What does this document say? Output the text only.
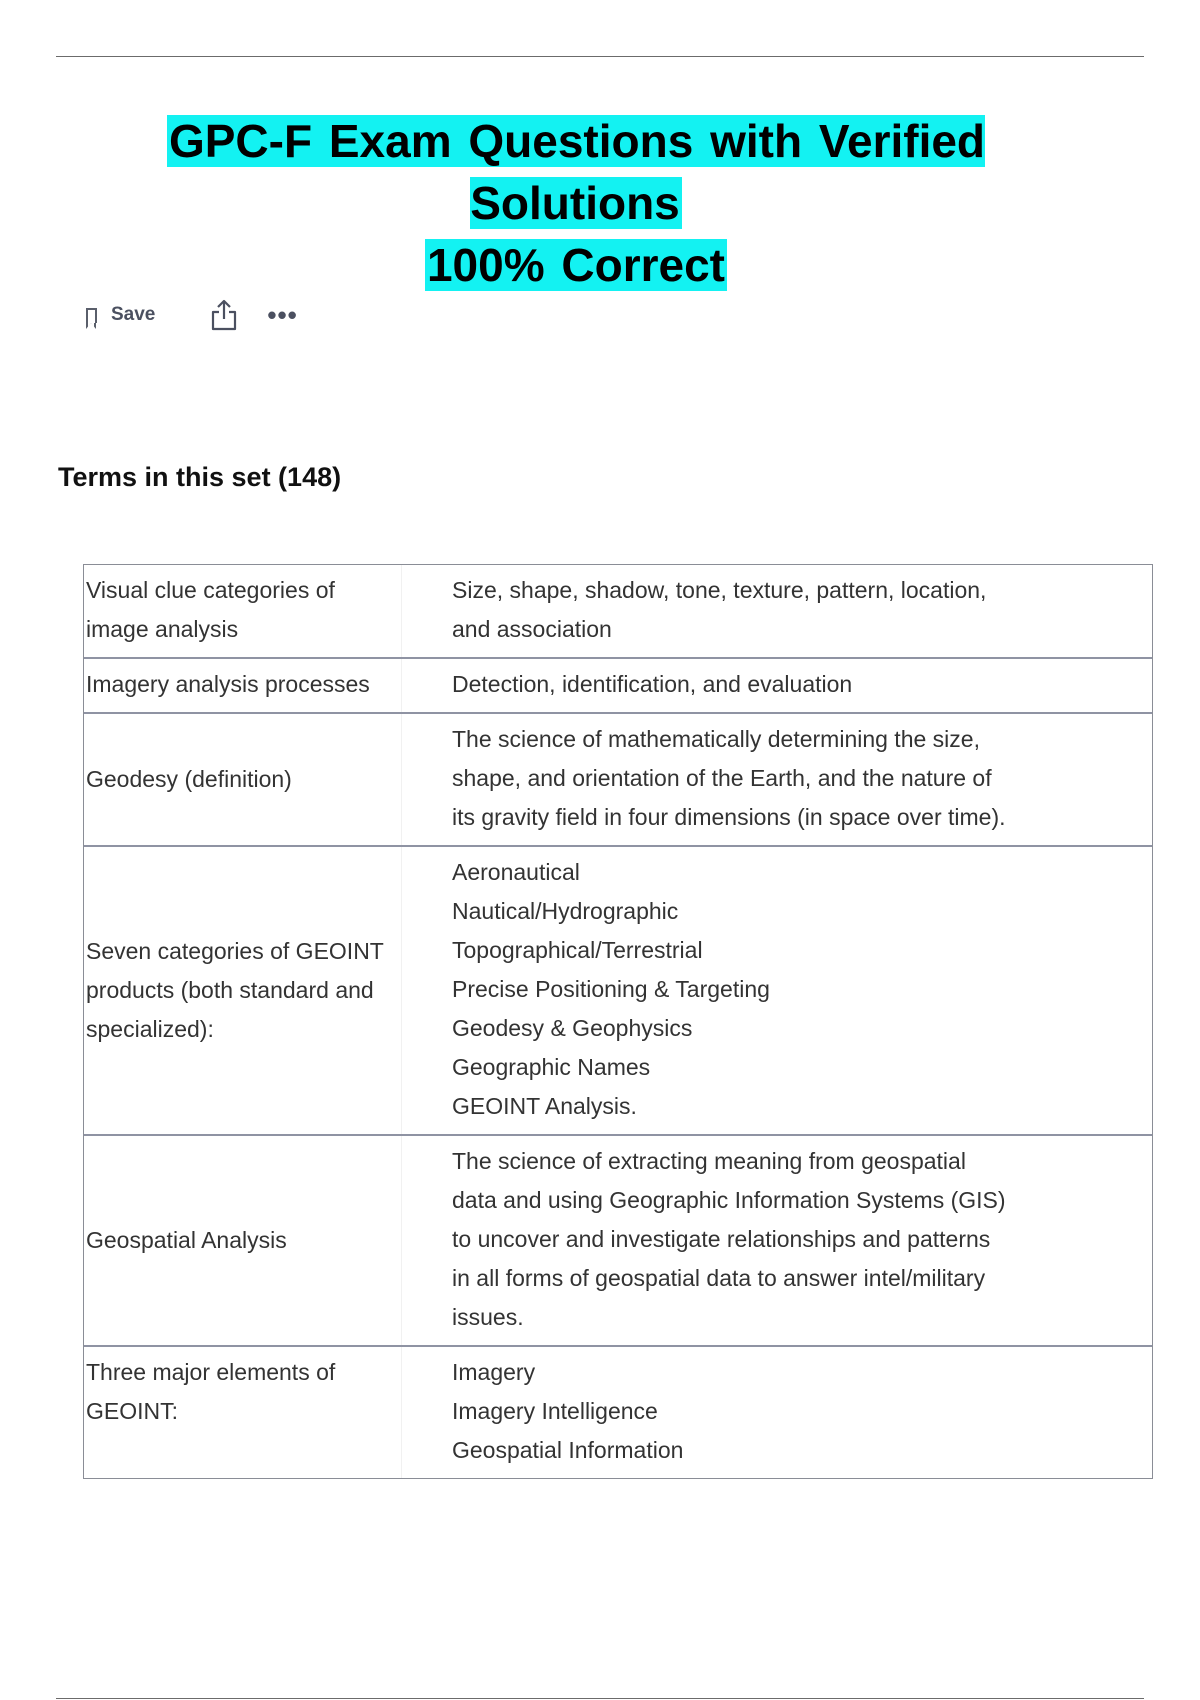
GPC-F Exam Questions with Verified Solutions
100% Correct
Save	•••
Terms in this set (148)
Visual clue categories of image analysis
Size, shape, shadow, tone, texture, pattern, location,
and association
Imagery analysis processes	Detection, identification, and evaluation
Geodesy (definition)
The science of mathematically determining the size,
shape, and orientation of the Earth, and the nature of
its gravity field in four dimensions (in space over time).
Seven categories of GEOINT products (both standard and specialized):
Aeronautical
Nautical/Hydrographic
Topographical/Terrestrial
Precise Positioning & Targeting
Geodesy & Geophysics
Geographic Names
GEOINT Analysis.
Geospatial Analysis
The science of extracting meaning from geospatial
data and using Geographic Information Systems (GIS)
to uncover and investigate relationships and patterns
in all forms of geospatial data to answer intel/military
issues.
Three major elements of GEOINT:
Imagery
Imagery Intelligence
Geospatial Information
